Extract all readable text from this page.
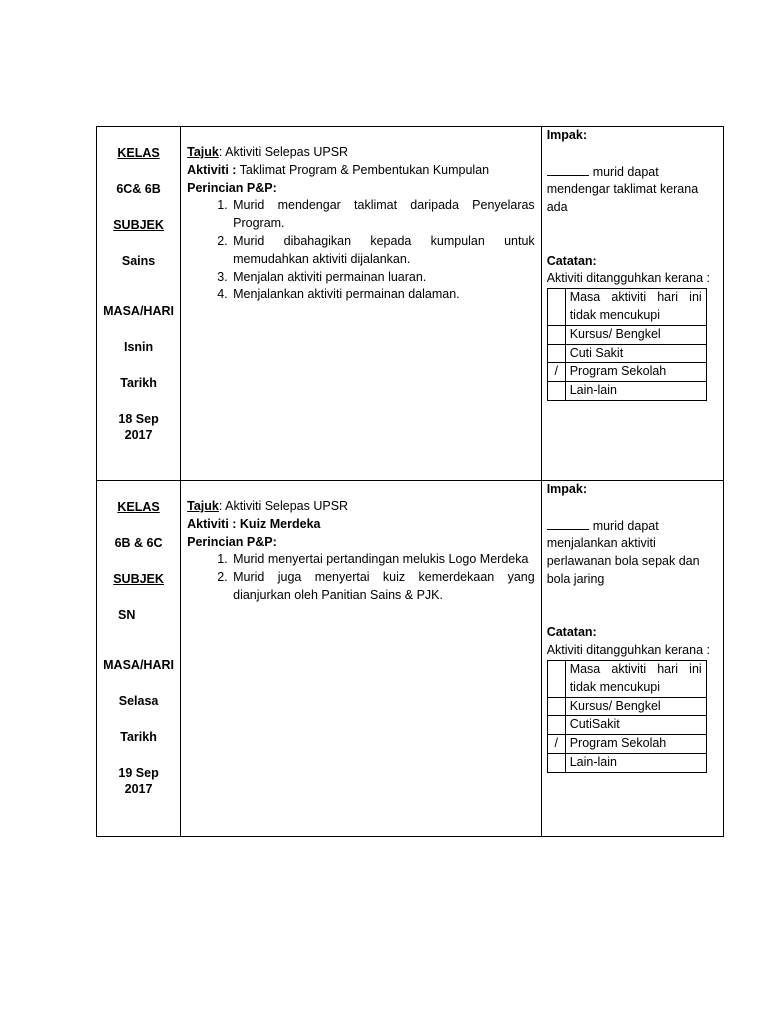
KELAS
6C& 6B
SUBJEK
Sains
MASA/HARI
Isnin
Tarikh
18 Sep
2017

Tajuk: Aktiviti Selepas UPSR
Aktiviti : Taklimat Program & Pembentukan Kumpulan
Perincian P&P:
1. Murid mendengar taklimat daripada Penyelaras Program.
2. Murid dibahagikan kepada kumpulan untuk memudahkan aktiviti dijalankan.
3. Menjalan aktiviti permainan luaran.
4. Menjalankan aktiviti permainan dalaman.

Impak:
murid dapat mendengar taklimat kerana ada
Catatan:
Aktiviti ditangguhkan kerana :
	Masa aktiviti hari ini tidak mencukupi
	Kursus/ Bengkel
	Cuti Sakit
/	Program Sekolah
	Lain-lain

KELAS
6B & 6C
SUBJEK
SN
MASA/HARI
Selasa
Tarikh
19 Sep
2017

Tajuk: Aktiviti Selepas UPSR
Aktiviti : Kuiz Merdeka
Perincian P&P:
1. Murid menyertai pertandingan melukis Logo Merdeka
2. Murid juga menyertai kuiz kemerdekaan yang dianjurkan oleh Panitian Sains & PJK.

Impak:
murid dapat menjalankan aktiviti perlawanan bola sepak dan bola jaring
Catatan:
Aktiviti ditangguhkan kerana :
	Masa aktiviti hari ini tidak mencukupi
	Kursus/ Bengkel
	CutiSakit
/	Program Sekolah
	Lain-lain
